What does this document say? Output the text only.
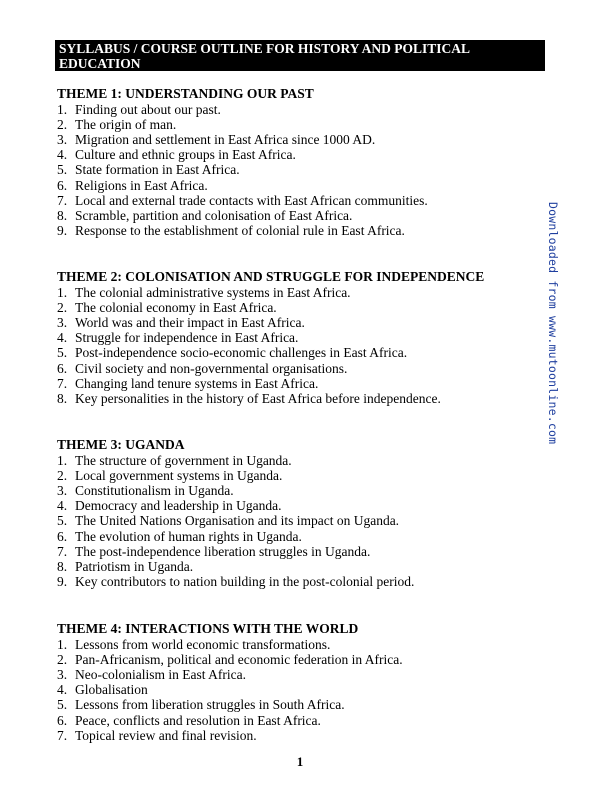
SYLLABUS / COURSE OUTLINE FOR HISTORY AND POLITICAL EDUCATION
THEME 1: UNDERSTANDING OUR PAST
1. Finding out about our past.
2. The origin of man.
3. Migration and settlement in East Africa since 1000 AD.
4. Culture and ethnic groups in East Africa.
5. State formation in East Africa.
6. Religions in East Africa.
7. Local and external trade contacts with East African communities.
8. Scramble, partition and colonisation of East Africa.
9. Response to the establishment of colonial rule in East Africa.
THEME 2: COLONISATION AND STRUGGLE FOR INDEPENDENCE
1. The colonial administrative systems in East Africa.
2. The colonial economy in East Africa.
3. World was and their impact in East Africa.
4. Struggle for independence in East Africa.
5. Post-independence socio-economic challenges in East Africa.
6. Civil society and non-governmental organisations.
7. Changing land tenure systems in East Africa.
8. Key personalities in the history of East Africa before independence.
THEME 3: UGANDA
1. The structure of government in Uganda.
2. Local government systems in Uganda.
3. Constitutionalism in Uganda.
4. Democracy and leadership in Uganda.
5. The United Nations Organisation and its impact on Uganda.
6. The evolution of human rights in Uganda.
7. The post-independence liberation struggles in Uganda.
8. Patriotism in Uganda.
9. Key contributors to nation building in the post-colonial period.
THEME 4: INTERACTIONS WITH THE WORLD
1. Lessons from world economic transformations.
2. Pan-Africanism, political and economic federation in Africa.
3. Neo-colonialism in East Africa.
4. Globalisation
5. Lessons from liberation struggles in South Africa.
6. Peace, conflicts and resolution in East Africa.
7. Topical review and final revision.
Downloaded from www.mutoonline.com
1
